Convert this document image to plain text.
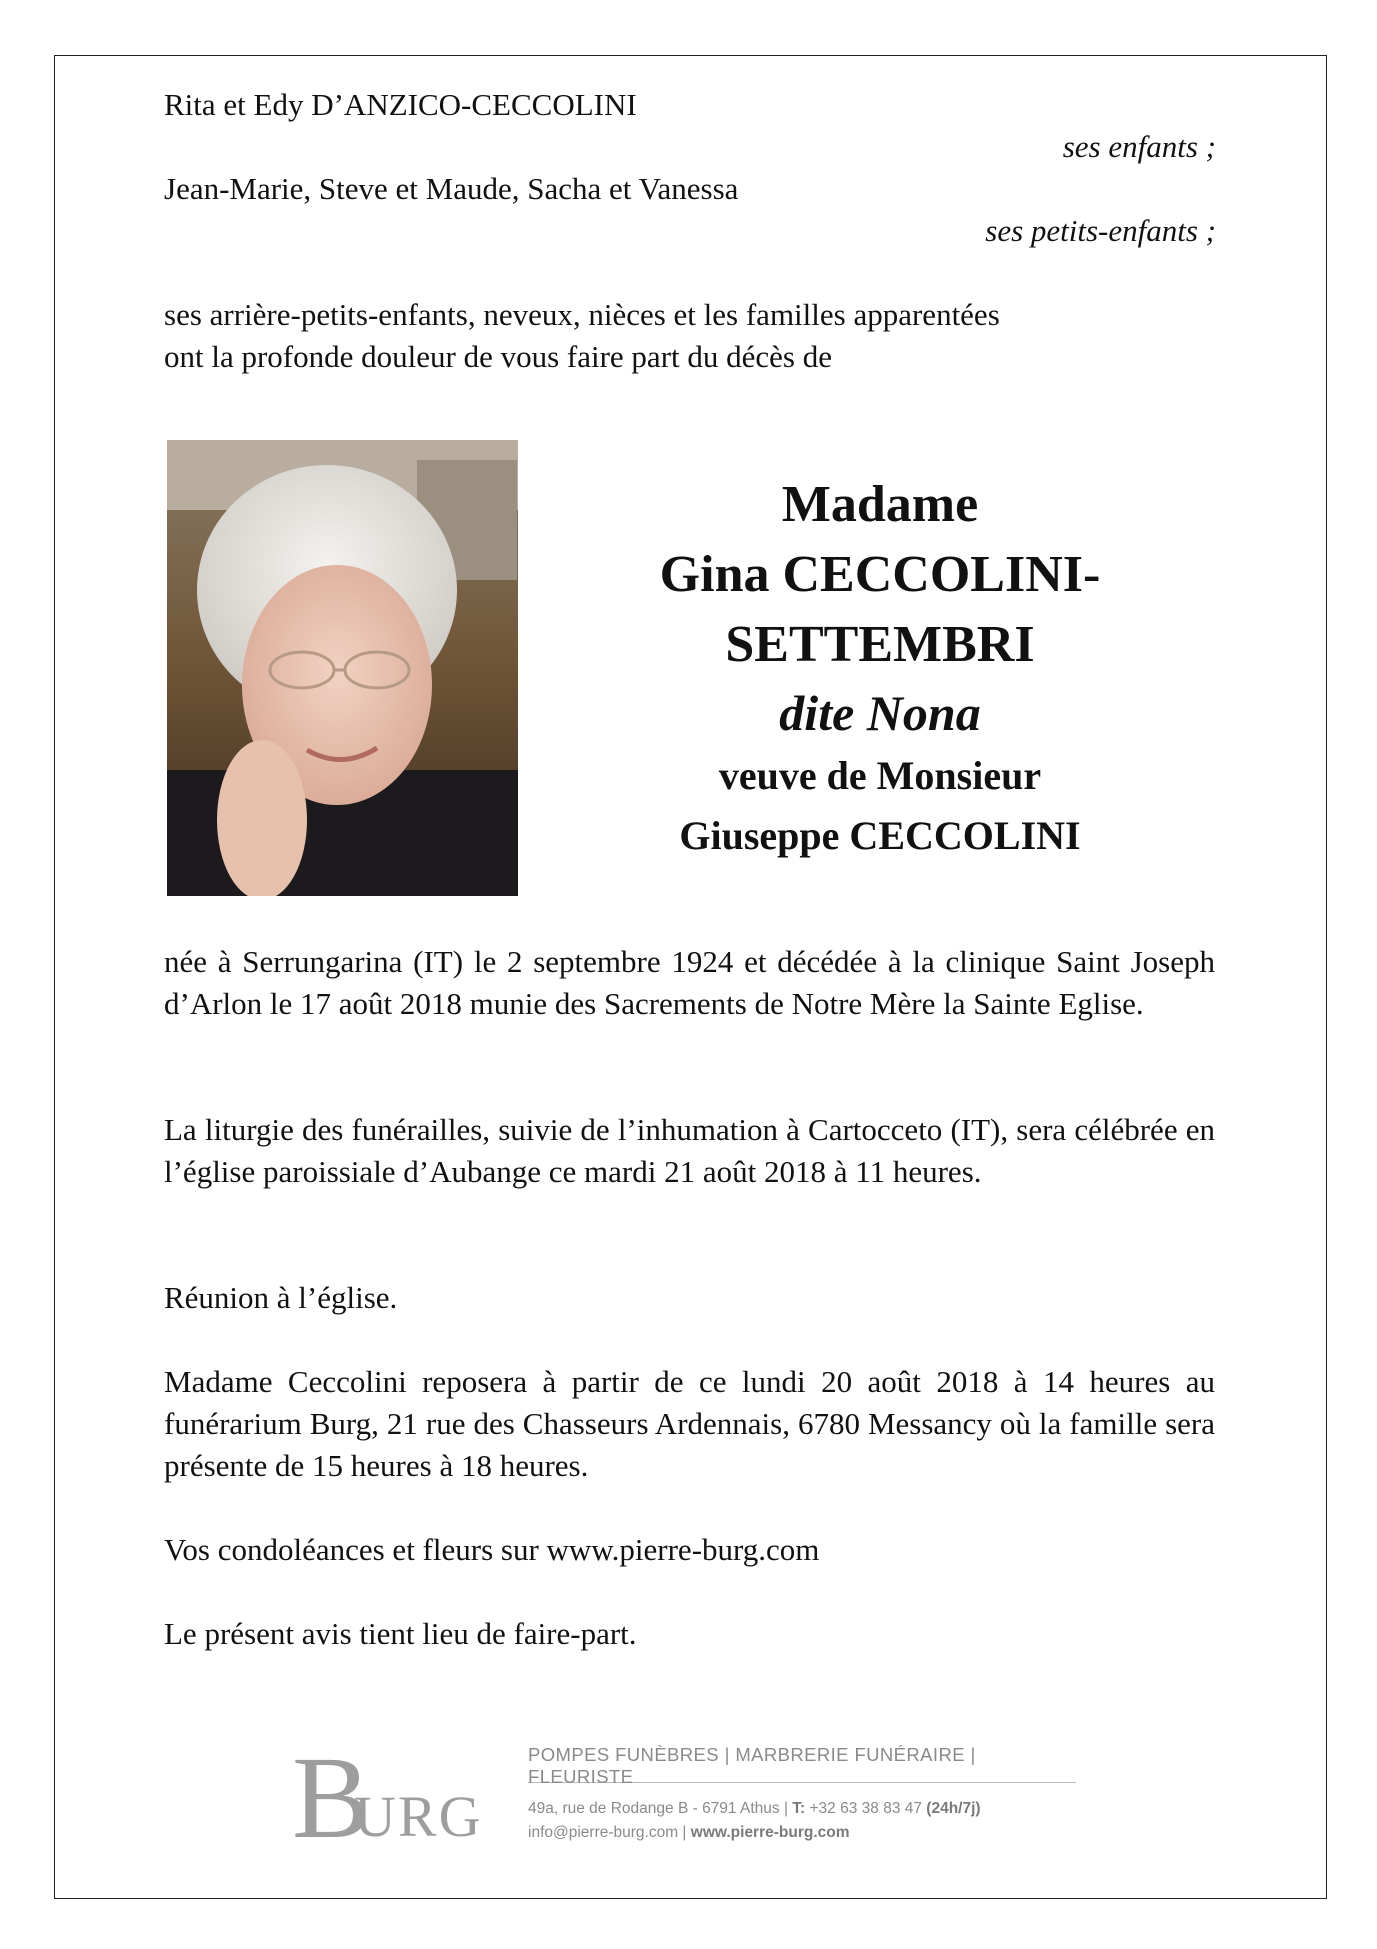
Rita et Edy D’ANZICO-CECCOLINI
ses enfants ;
Jean-Marie, Steve et Maude, Sacha et Vanessa
ses petits-enfants ;
ses arrière-petits-enfants, neveux, nièces et les familles apparentées
ont la profonde douleur de vous faire part du décès de
Madame
Gina CECCOLINI-
SETTEMBRI
dite Nona
veuve de Monsieur
Giuseppe CECCOLINI
née à Serrungarina (IT) le 2 septembre 1924 et décédée à la clinique Saint Joseph d’Arlon le 17 août 2018 munie des Sacrements de Notre Mère la Sainte Eglise.
La liturgie des funérailles, suivie de l’inhumation à Cartocceto (IT), sera célébrée en l’église paroissiale d’Aubange ce mardi 21 août 2018 à 11 heures.
Réunion à l’église.
Madame Ceccolini reposera à partir de ce lundi 20 août 2018 à 14 heures au funérarium Burg, 21 rue des Chasseurs Ardennais, 6780 Messancy où la famille sera présente de 15 heures à 18 heures.
Vos condoléances et fleurs sur www.pierre-burg.com
Le présent avis tient lieu de faire-part.
B
URG
POMPES FUNÈBRES | MARBRERIE FUNÉRAIRE | FLEURISTE
49a, rue de Rodange B - 6791 Athus | T: +32 63 38 83 47 (24h/7j)
info@pierre-burg.com | www.pierre-burg.com
